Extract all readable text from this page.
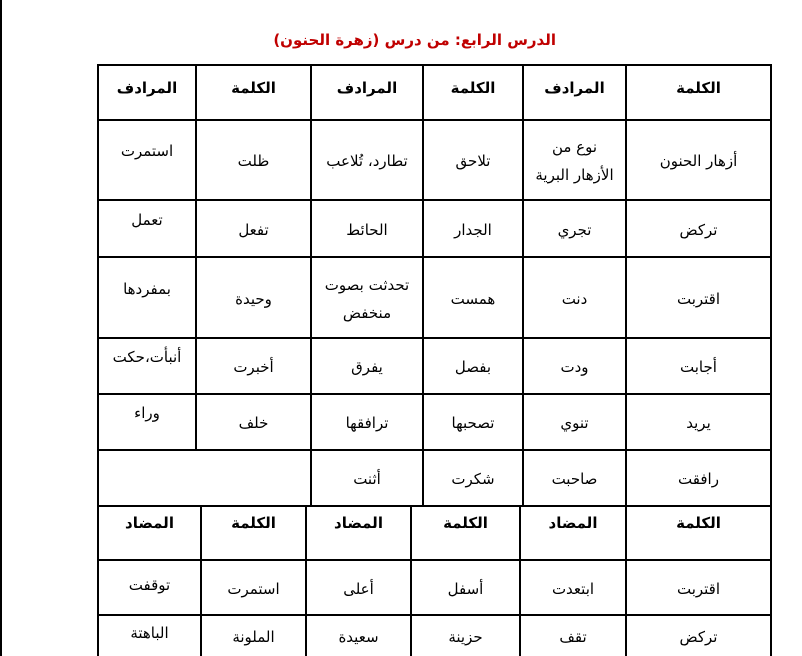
الدرس الرابع: من درس (زهرة الحنون)
الكلمة
المرادف
الكلمة
المرادف
الكلمة
المرادف
أزهار الحنون
نوع من
الأزهار البرية
تلاحق
تطارد، تُلاعب
ظلت
استمرت
تركض
تجري
الجدار
الحائط
تفعل
تعمل
اقتربت
دنت
همست
تحدثت بصوت
منخفض
وحيدة
بمفردها
أجابت
ودت
بفصل
يفرق
أخبرت
أنبأت،حكت
يريد
تنوي
تصحبها
ترافقها
خلف
وراء
رافقت
صاحبت
شكرت
أثنت
الكلمة
المضاد
الكلمة
المضاد
الكلمة
المضاد
اقتربت
ابتعدت
أسفل
أعلى
استمرت
توقفت
تركض
تقف
حزينة
سعيدة
الملونة
الباهتة
